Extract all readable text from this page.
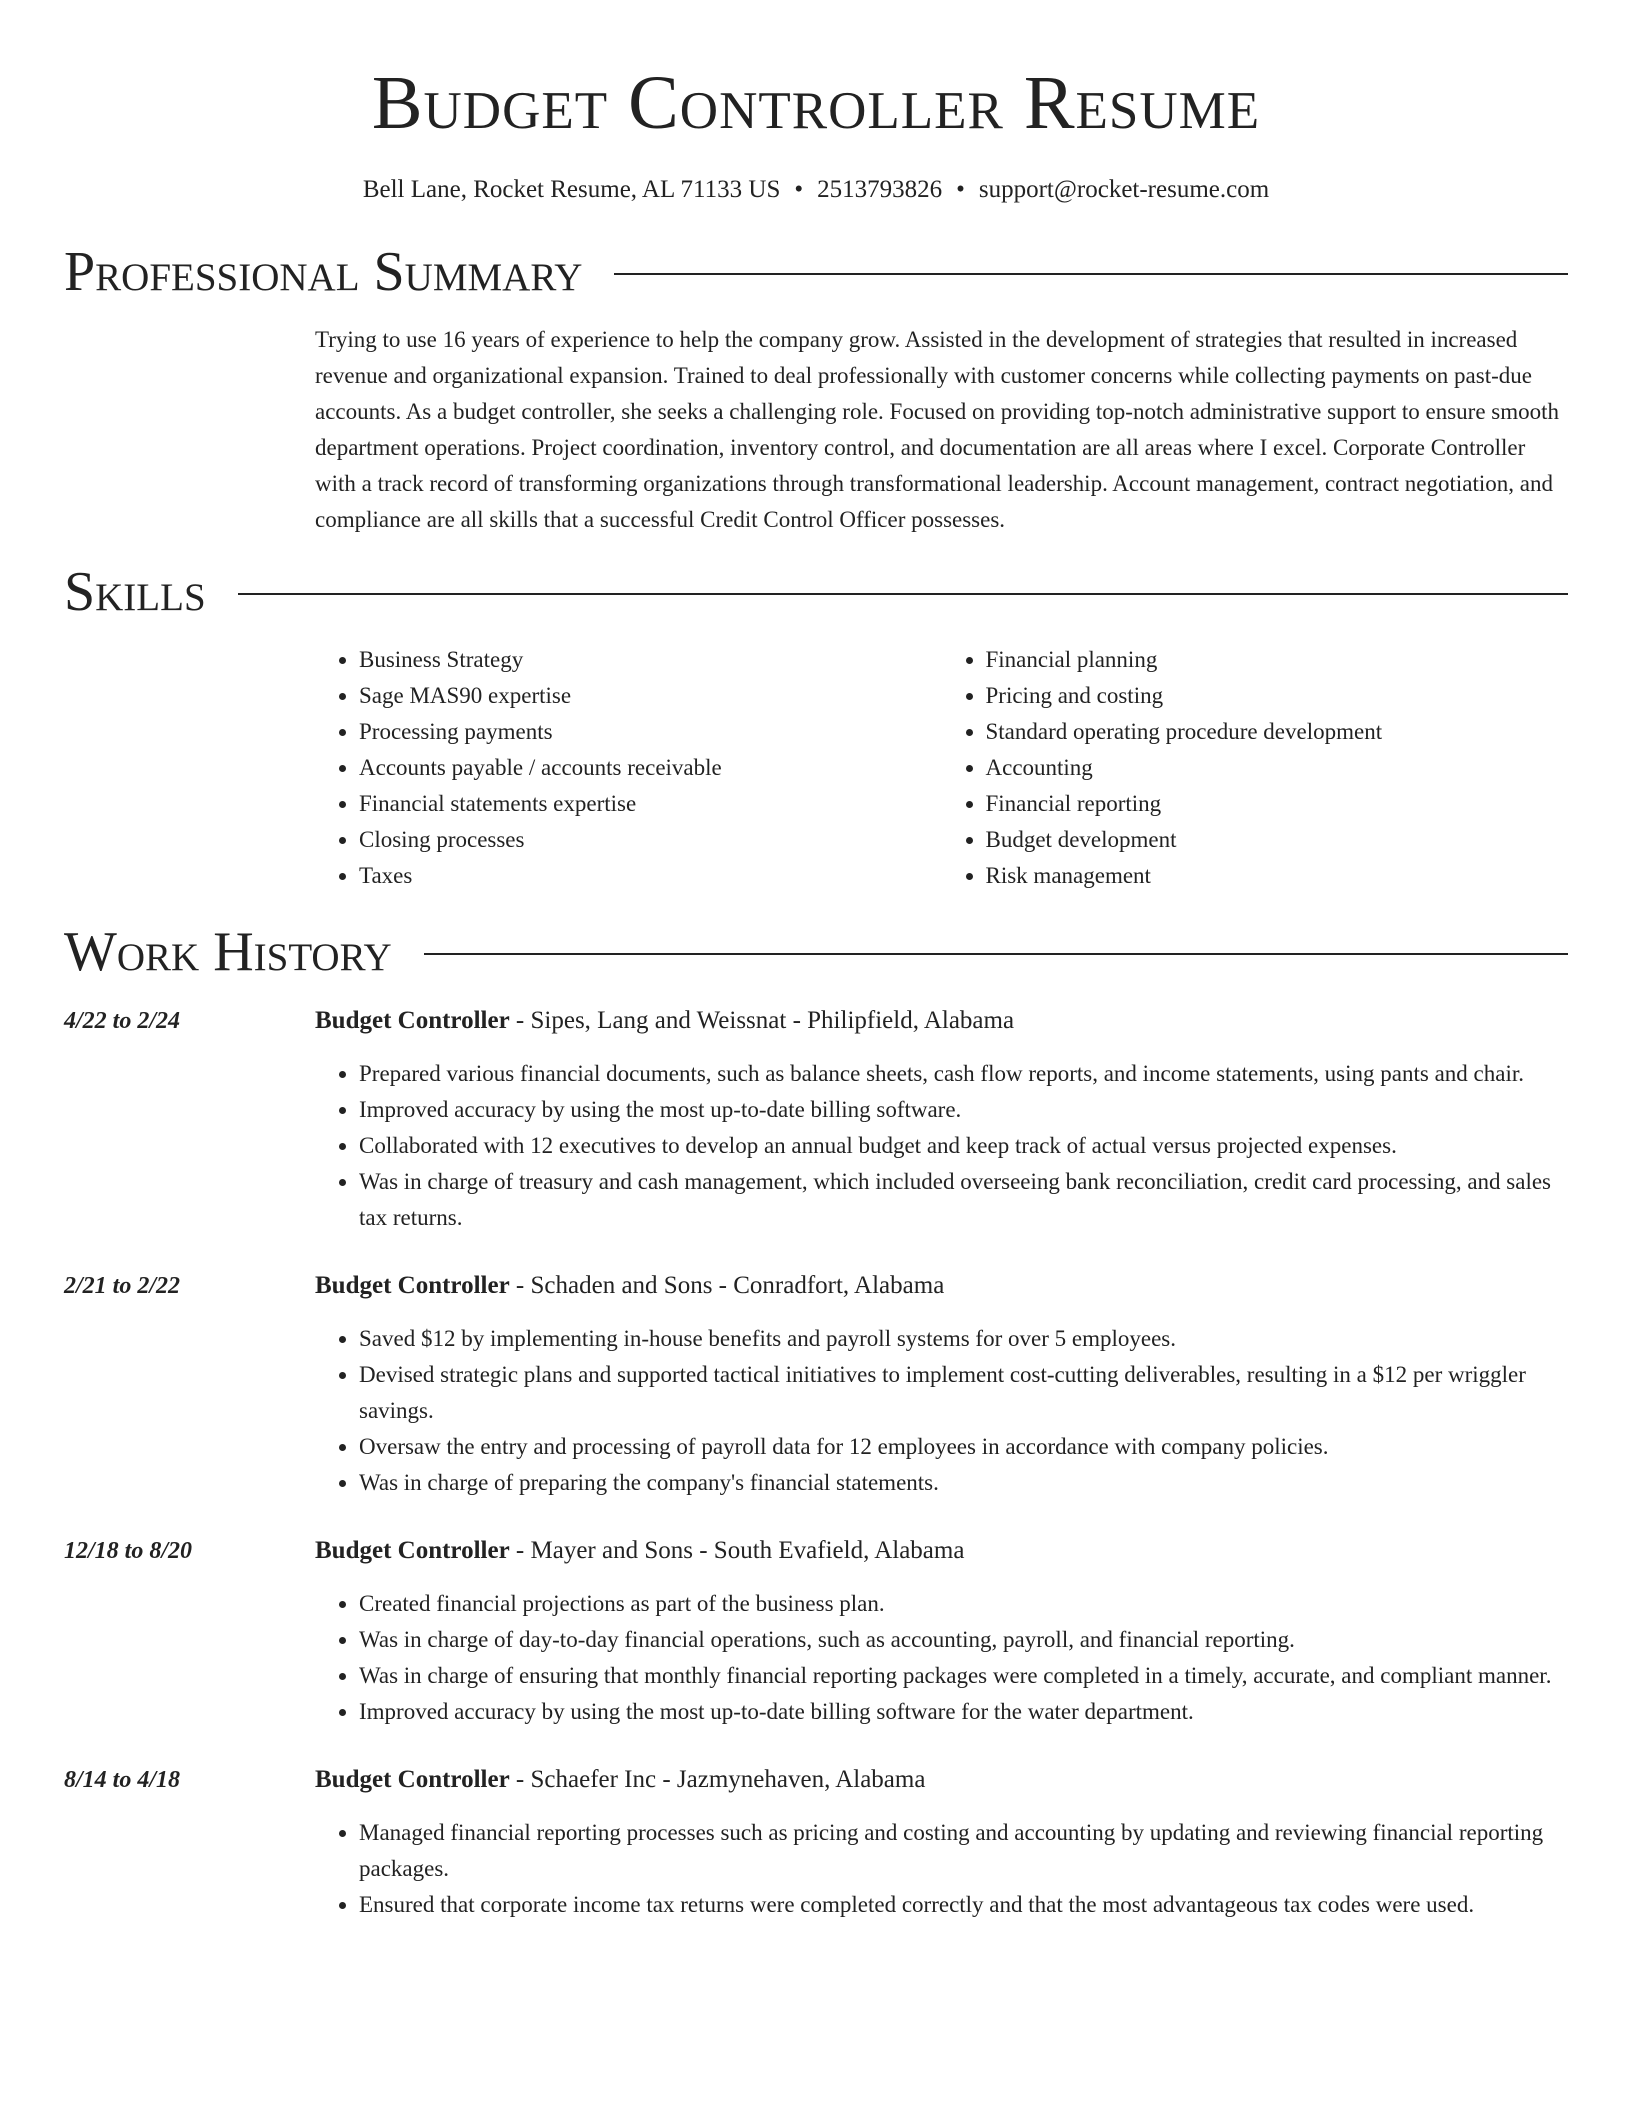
Budget Controller Resume
Bell Lane, Rocket Resume, AL 71133 US • 2513793826 • support@rocket-resume.com
Professional Summary

Trying to use 16 years of experience to help the company grow. Assisted in the development of strategies that resulted in increased revenue and organizational expansion. Trained to deal professionally with customer concerns while collecting payments on past-due accounts. As a budget controller, she seeks a challenging role. Focused on providing top-notch administrative support to ensure smooth department operations. Project coordination, inventory control, and documentation are all areas where I excel. Corporate Controller with a track record of transforming organizations through transformational leadership. Account management, contract negotiation, and compliance are all skills that a successful Credit Control Officer possesses.

Skills
• Business Strategy
• Sage MAS90 expertise
• Processing payments
• Accounts payable / accounts receivable
• Financial statements expertise
• Closing processes
• Taxes
• Financial planning
• Pricing and costing
• Standard operating procedure development
• Accounting
• Financial reporting
• Budget development
• Risk management
Work History
4/22 to 2/24	Budget Controller - Sipes, Lang and Weissnat - Philipfield, Alabama
• Prepared various financial documents, such as balance sheets, cash flow reports, and income statements, using pants and chair.
• Improved accuracy by using the most up-to-date billing software.
• Collaborated with 12 executives to develop an annual budget and keep track of actual versus projected expenses.
• Was in charge of treasury and cash management, which included overseeing bank reconciliation, credit card processing, and sales tax returns.
2/21 to 2/22	Budget Controller - Schaden and Sons - Conradfort, Alabama
• Saved $12 by implementing in-house benefits and payroll systems for over 5 employees.
• Devised strategic plans and supported tactical initiatives to implement cost-cutting deliverables, resulting in a $12 per wriggler savings.
• Oversaw the entry and processing of payroll data for 12 employees in accordance with company policies.
• Was in charge of preparing the company's financial statements.
12/18 to 8/20	Budget Controller - Mayer and Sons - South Evafield, Alabama
• Created financial projections as part of the business plan.
• Was in charge of day-to-day financial operations, such as accounting, payroll, and financial reporting.
• Was in charge of ensuring that monthly financial reporting packages were completed in a timely, accurate, and compliant manner.
• Improved accuracy by using the most up-to-date billing software for the water department.
8/14 to 4/18	Budget Controller - Schaefer Inc - Jazmynehaven, Alabama
• Managed financial reporting processes such as pricing and costing and accounting by updating and reviewing financial reporting packages.
• Ensured that corporate income tax returns were completed correctly and that the most advantageous tax codes were used.
